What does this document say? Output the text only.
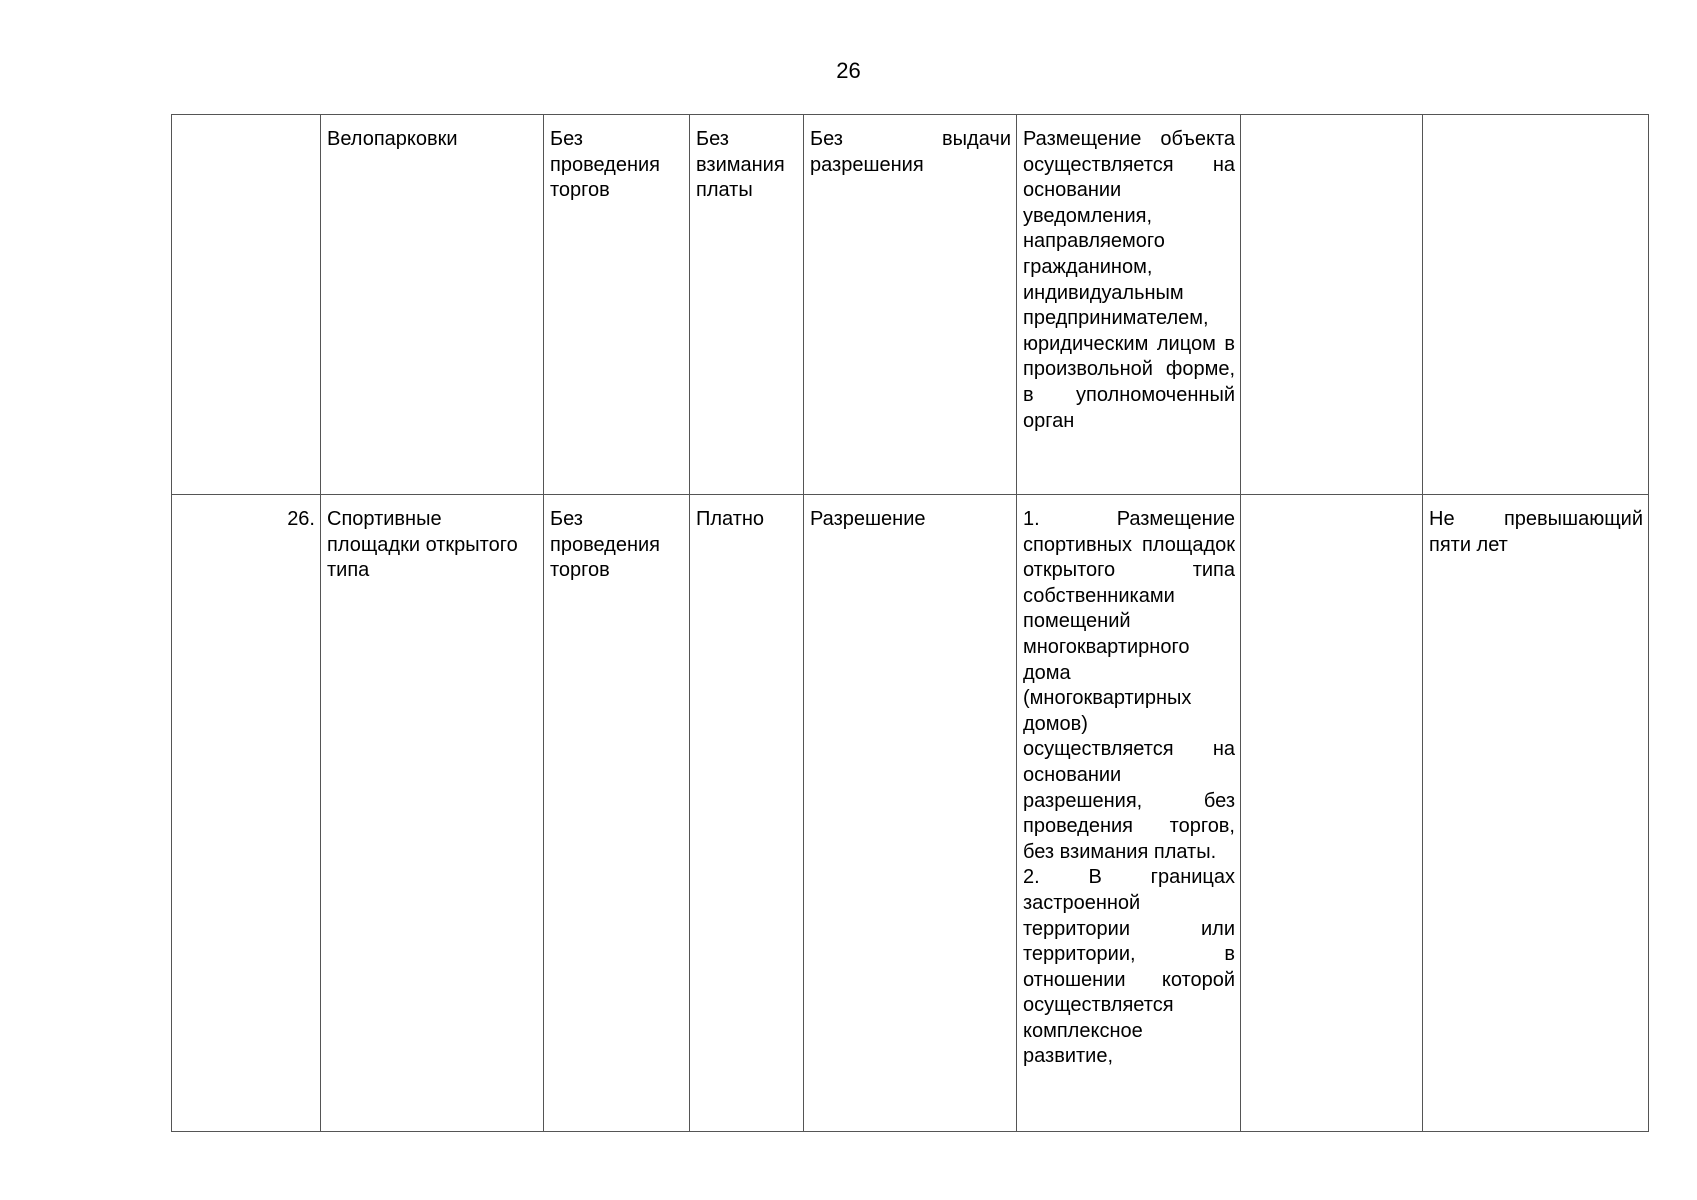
26
	Велопарковки	Без проведения торгов	Без взимания платы	Без выдачи разрешения	Размещение объекта осуществляется на основании уведомления, направляемого гражданином, индивидуальным предпринимателем, юридическим лицом в произвольной форме, в уполномоченный орган		

26.	Спортивные площадки открытого типа	Без проведения торгов	Платно	Разрешение	1. Размещение спортивных площадок открытого типа собственниками помещений многоквартирного дома (многоквартирных домов) осуществляется на основании разрешения, без проведения торгов, без взимания платы.
2. В границах застроенной территории или территории, в отношении которой осуществляется комплексное развитие,		Не превышающий пяти лет
